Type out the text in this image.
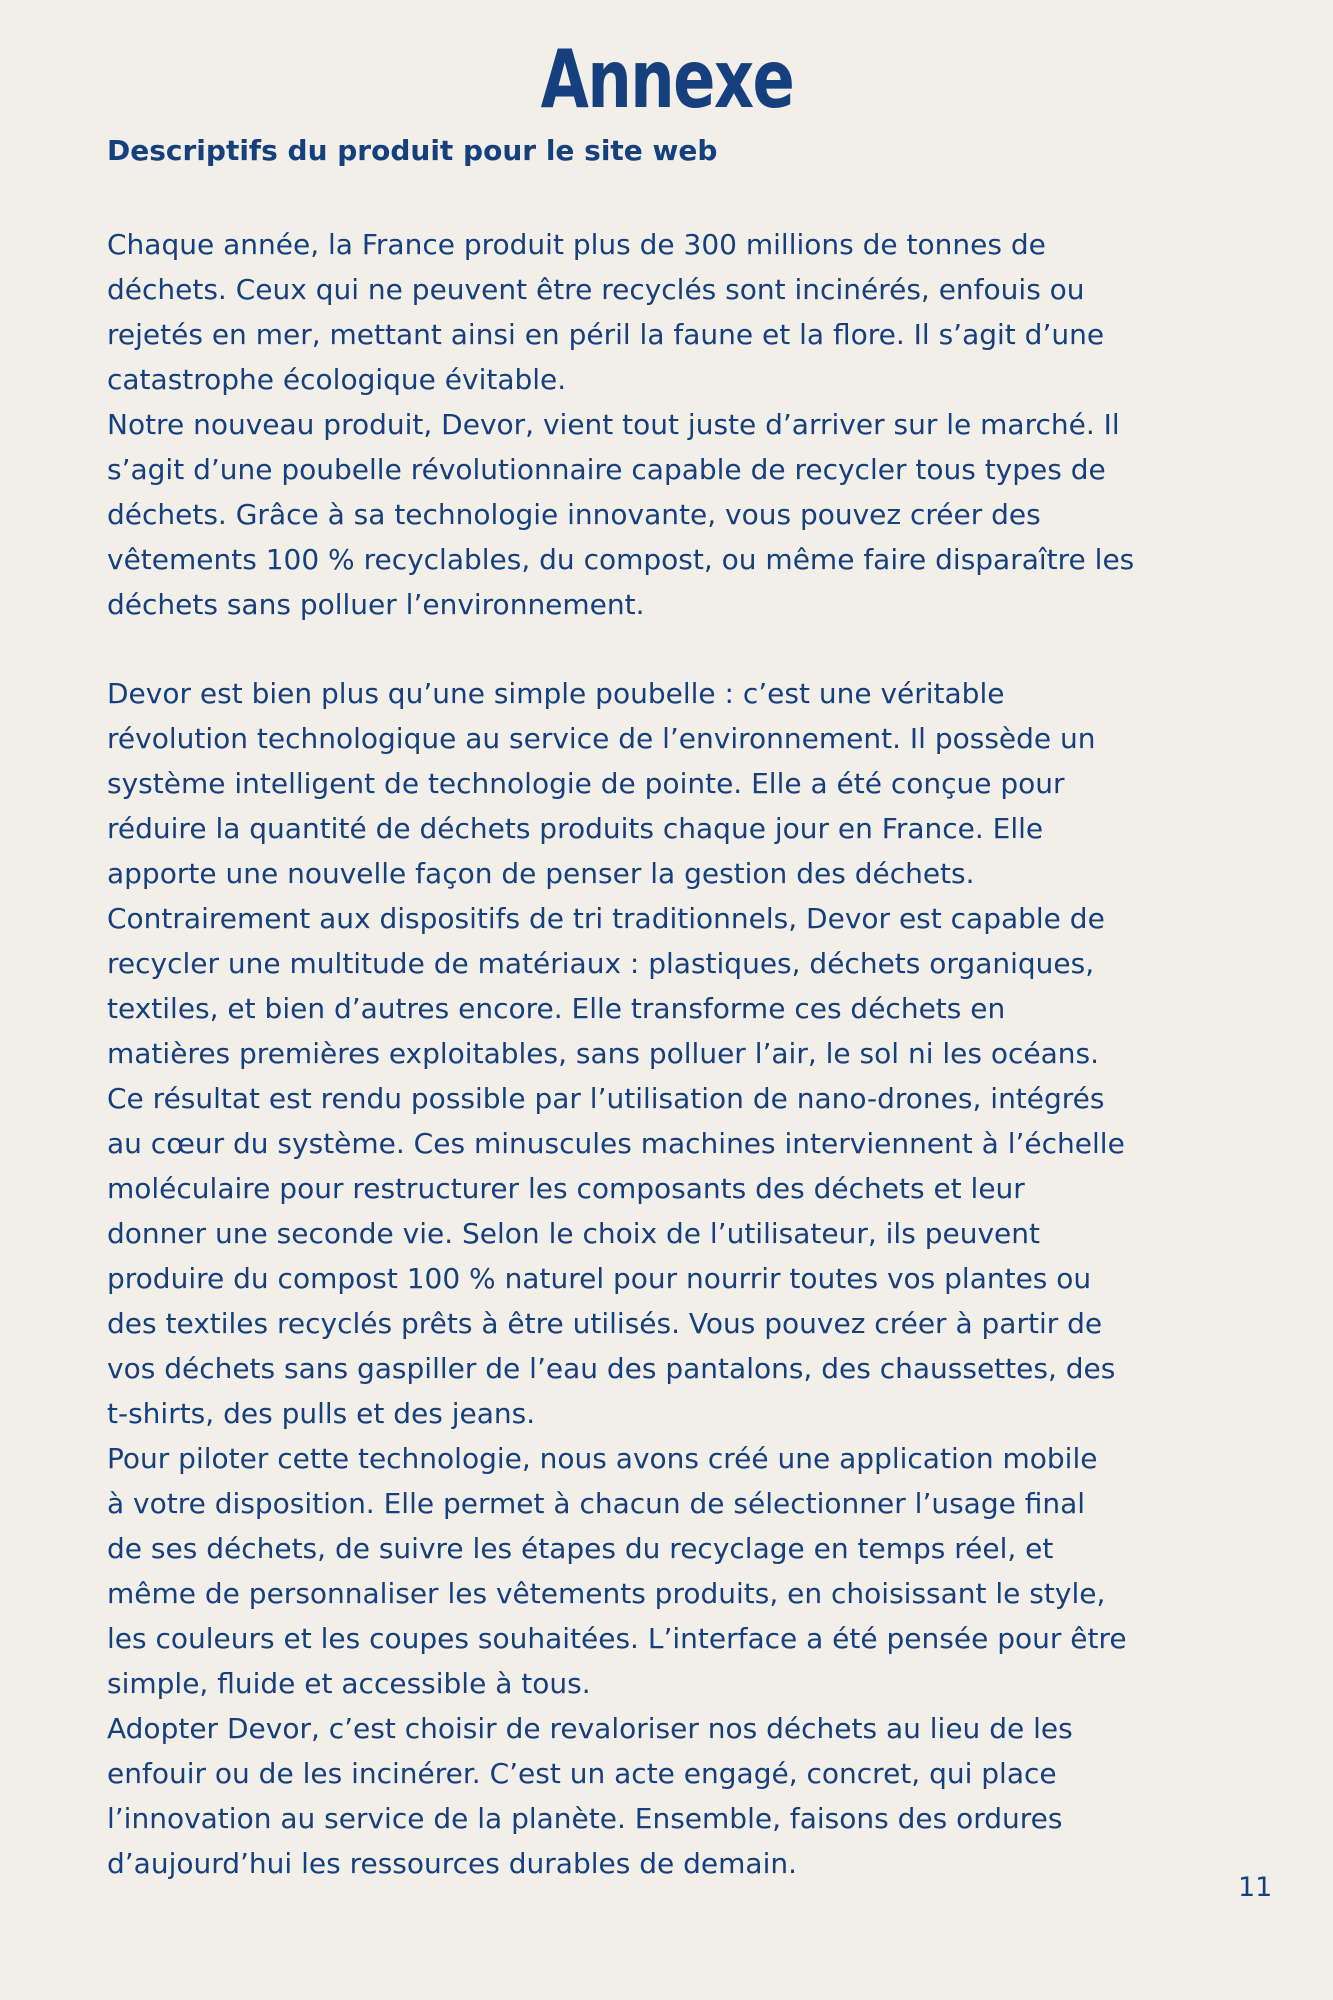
Annexe
Descriptifs du produit pour le site web
Chaque année, la France produit plus de 300 millions de tonnes de
déchets. Ceux qui ne peuvent être recyclés sont incinérés, enfouis ou
rejetés en mer, mettant ainsi en péril la faune et la flore. Il s’agit d’une
catastrophe écologique évitable.
Notre nouveau produit, Devor, vient tout juste d’arriver sur le marché. Il
s’agit d’une poubelle révolutionnaire capable de recycler tous types de
déchets. Grâce à sa technologie innovante, vous pouvez créer des
vêtements 100 % recyclables, du compost, ou même faire disparaître les
déchets sans polluer l’environnement.
Devor est bien plus qu’une simple poubelle : c’est une véritable
révolution technologique au service de l’environnement. Il possède un
système intelligent de technologie de pointe. Elle a été conçue pour
réduire la quantité de déchets produits chaque jour en France. Elle
apporte une nouvelle façon de penser la gestion des déchets.
Contrairement aux dispositifs de tri traditionnels, Devor est capable de
recycler une multitude de matériaux : plastiques, déchets organiques,
textiles, et bien d’autres encore. Elle transforme ces déchets en
matières premières exploitables, sans polluer l’air, le sol ni les océans.
Ce résultat est rendu possible par l’utilisation de nano-drones, intégrés
au cœur du système. Ces minuscules machines interviennent à l’échelle
moléculaire pour restructurer les composants des déchets et leur
donner une seconde vie. Selon le choix de l’utilisateur, ils peuvent
produire du compost 100 % naturel pour nourrir toutes vos plantes ou
des textiles recyclés prêts à être utilisés. Vous pouvez créer à partir de
vos déchets sans gaspiller de l’eau des pantalons, des chaussettes, des
t-shirts, des pulls et des jeans.
Pour piloter cette technologie, nous avons créé une application mobile
à votre disposition. Elle permet à chacun de sélectionner l’usage final
de ses déchets, de suivre les étapes du recyclage en temps réel, et
même de personnaliser les vêtements produits, en choisissant le style,
les couleurs et les coupes souhaitées. L’interface a été pensée pour être
simple, fluide et accessible à tous.
Adopter Devor, c’est choisir de revaloriser nos déchets au lieu de les
enfouir ou de les incinérer. C’est un acte engagé, concret, qui place
l’innovation au service de la planète. Ensemble, faisons des ordures
d’aujourd’hui les ressources durables de demain.
11
